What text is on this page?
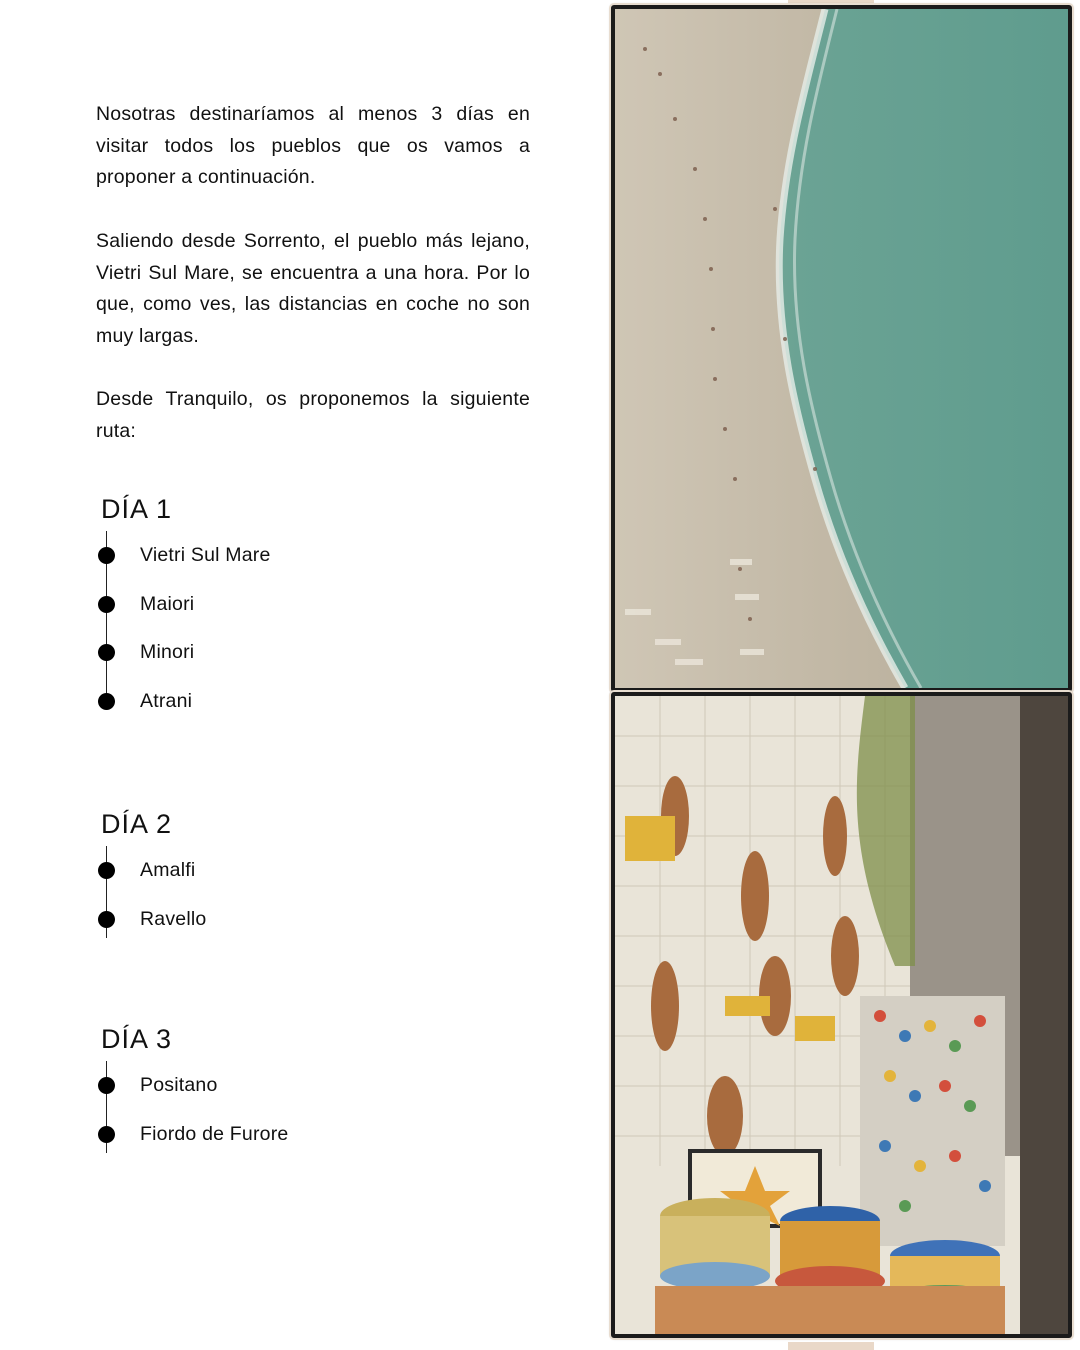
Nosotras destinaríamos al menos 3 días en visitar todos los pueblos que os vamos a proponer a continuación.

Saliendo desde Sorrento, el pueblo más lejano, Vietri Sul Mare, se encuentra a una hora. Por lo que, como ves, las distancias en coche no son muy largas.

Desde Tranquilo, os proponemos la siguiente ruta:

DÍA 1
Vietri Sul Mare
Maiori
Minori
Atrani
DÍA 2
Amalfi
Ravello
DÍA 3
Positano
Fiordo de Furore
